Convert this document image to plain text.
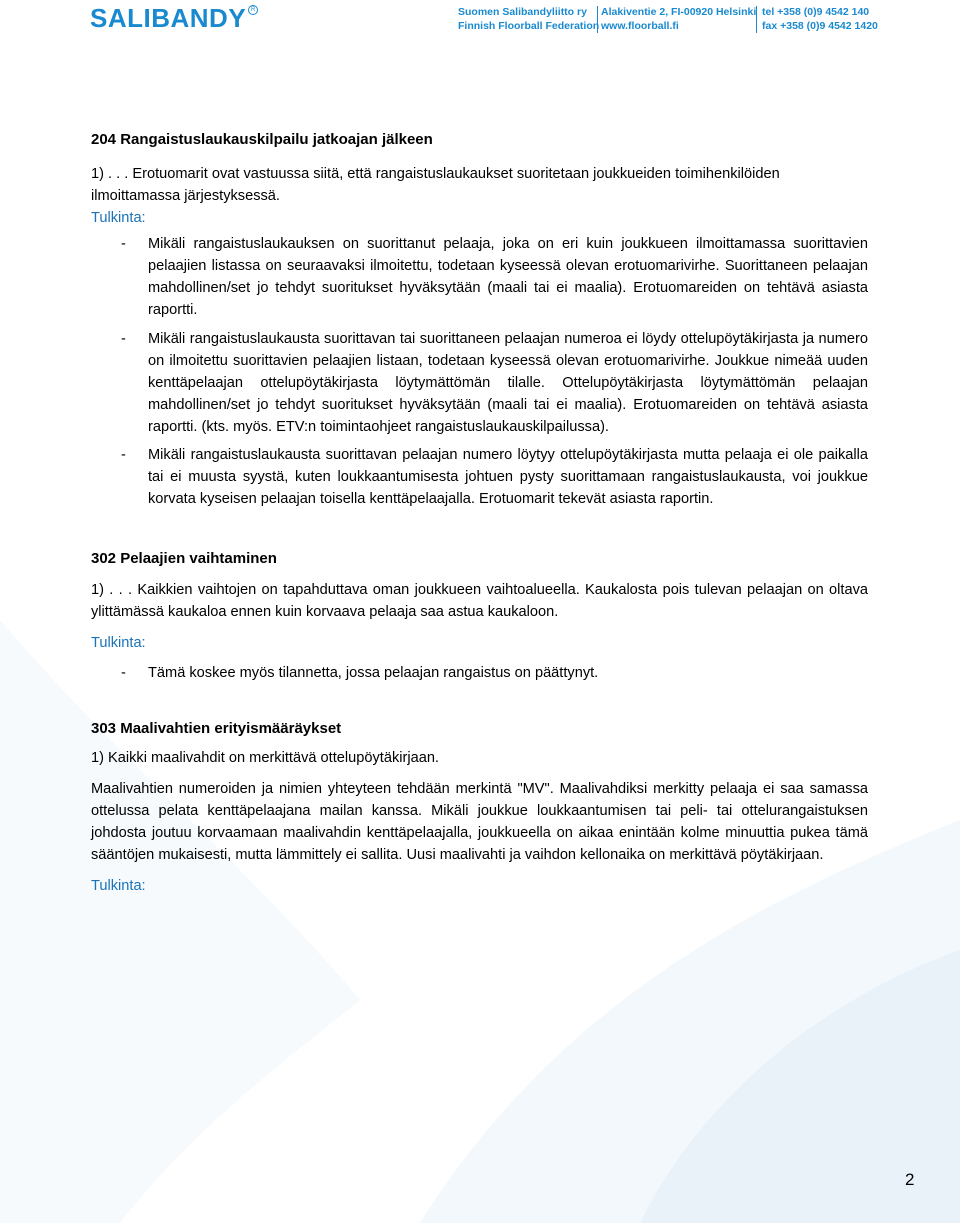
SALIBANDY R	Suomen Salibandyliitto ry
Finnish Floorball Federation
Alakiventie 2, FI-00920 Helsinki
www.floorball.fi
tel +358 (0)9 4542 140
fax +358 (0)9 4542 1420

204 Rangaistuslaukauskilpailu jatkoajan jälkeen

1) . . . Erotuomarit ovat vastuussa siitä, että rangaistuslaukaukset suoritetaan joukkueiden toimihenkilöiden
ilmoittamassa järjestyksessä.

Tulkinta:

- Mikäli rangaistuslaukauksen on suorittanut pelaaja, joka on eri kuin joukkueen ilmoittamassa suorittavien pelaajien listassa on seuraavaksi ilmoitettu, todetaan kyseessä olevan erotuomarivirhe. Suorittaneen pelaajan mahdollinen/set jo tehdyt suoritukset hyväksytään (maali tai ei maalia). Erotuomareiden on tehtävä asiasta raportti.
- Mikäli rangaistuslaukausta suorittavan tai suorittaneen pelaajan numeroa ei löydy ottelupöytäkirjasta ja numero on ilmoitettu suorittavien pelaajien listaan, todetaan kyseessä olevan erotuomarivirhe. Joukkue nimeää uuden kenttäpelaajan ottelupöytäkirjasta löytymättömän tilalle. Ottelupöytäkirjasta löytymättömän pelaajan mahdollinen/set jo tehdyt suoritukset hyväksytään (maali tai ei maalia). Erotuomareiden on tehtävä asiasta raportti. (kts. myös. ETV:n toimintaohjeet rangaistuslaukauskilpailussa).
- Mikäli rangaistuslaukausta suorittavan pelaajan numero löytyy ottelupöytäkirjasta mutta pelaaja ei ole paikalla tai ei muusta syystä, kuten loukkaantumisesta johtuen pysty suorittamaan rangaistuslaukausta, voi joukkue korvata kyseisen pelaajan toisella kenttäpelaajalla. Erotuomarit tekevät asiasta raportin.

302 Pelaajien vaihtaminen

1) . . . Kaikkien vaihtojen on tapahduttava oman joukkueen vaihtoalueella. Kaukalosta pois tulevan pelaajan on oltava ylittämässä kaukaloa ennen kuin korvaava pelaaja saa astua kaukaloon.

Tulkinta:

- Tämä koskee myös tilannetta, jossa pelaajan rangaistus on päättynyt.

303 Maalivahtien erityismääräykset

1) Kaikki maalivahdit on merkittävä ottelupöytäkirjaan.

Maalivahtien numeroiden ja nimien yhteyteen tehdään merkintä "MV". Maalivahdiksi merkitty pelaaja ei saa samassa ottelussa pelata kenttäpelaajana mailan kanssa. Mikäli joukkue loukkaantumisen tai peli- tai ottelurangaistuksen johdosta joutuu korvaamaan maalivahdin kenttäpelaajalla, joukkueella on aikaa enintään kolme minuuttia pukea tämä sääntöjen mukaisesti, mutta lämmittely ei sallita. Uusi maalivahti ja vaihdon kellonaika on merkittävä pöytäkirjaan.

Tulkinta:

2
